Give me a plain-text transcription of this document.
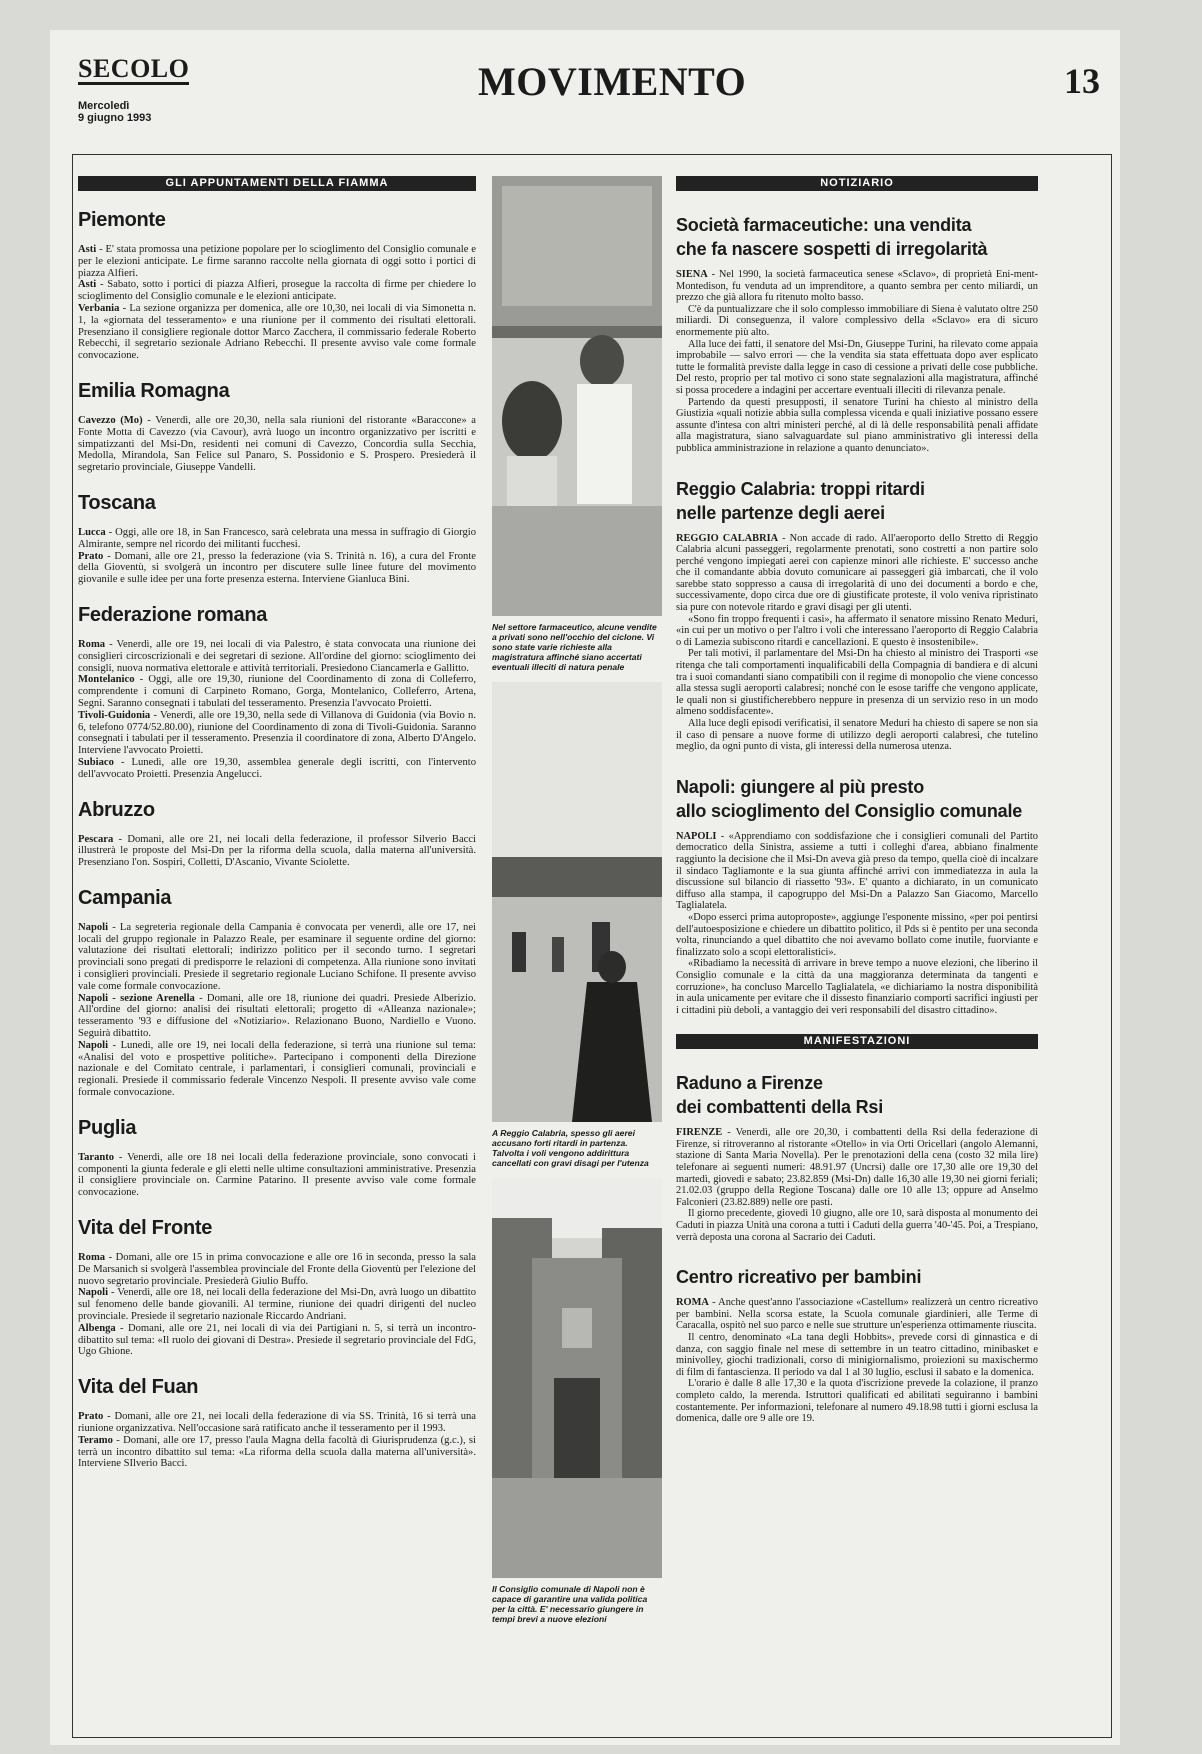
SECOLO
Mercoledì
9 giugno 1993
MOVIMENTO	13
GLI APPUNTAMENTI DELLA FIAMMA
Piemonte

Asti - E' stata promossa una petizione popolare per lo scioglimento del Consiglio comunale e per le elezioni anticipate. Le firme saranno raccolte nella giornata di oggi sotto i portici di piazza Alfieri.

Asti - Sabato, sotto i portici di piazza Alfieri, prosegue la raccolta di firme per chiedere lo scioglimento del Consiglio comunale e le elezioni anticipate.

Verbania - La sezione organizza per domenica, alle ore 10,30, nei locali di via Simonetta n. 1, la «giornata del tesseramento» e una riunione per il commento dei risultati elettorali. Presenziano il consigliere regionale dottor Marco Zacchera, il commissario federale Roberto Rebecchi, il segretario sezionale Adriano Rebecchi. Il presente avviso vale come formale convocazione.

Emilia Romagna

Cavezzo (Mo) - Venerdì, alle ore 20,30, nella sala riunioni del ristorante «Baraccone» a Fonte Motta di Cavezzo (via Cavour), avrà luogo un incontro organizzativo per iscritti e simpatizzanti del Msi-Dn, residenti nei comuni di Cavezzo, Concordia sulla Secchia, Medolla, Mirandola, San Felice sul Panaro, S. Possidonio e S. Prospero. Presiederà il segretario provinciale, Giuseppe Vandelli.

Toscana

Lucca - Oggi, alle ore 18, in San Francesco, sarà celebrata una messa in suffragio di Giorgio Almirante, sempre nel ricordo dei militanti fucchesi.

Prato - Domani, alle ore 21, presso la federazione (via S. Trinità n. 16), a cura del Fronte della Gioventù, si svolgerà un incontro per discutere sulle linee future del movimento giovanile e sulle idee per una forte presenza esterna. Interviene Gianluca Bini.

Federazione romana

Roma - Venerdì, alle ore 19, nei locali di via Palestro, è stata convocata una riunione dei consiglieri circoscrizionali e dei segretari di sezione. All'ordine del giorno: scioglimento dei consigli, nuova normativa elettorale e attività territoriali. Presiedono Ciancamerla e Gallitto.

Montelanico - Oggi, alle ore 19,30, riunione del Coordinamento di zona di Colleferro, comprendente i comuni di Carpineto Romano, Gorga, Montelanico, Colleferro, Artena, Segni. Saranno consegnati i tabulati del tesseramento. Presenzia l'avvocato Proietti.

Tivoli-Guidonia - Venerdì, alle ore 19,30, nella sede di Villanova di Guidonia (via Bovio n. 6, telefono 0774/52.80.00), riunione del Coordinamento di zona di Tivoli-Guidonia. Saranno consegnati i tabulati per il tesseramento. Presenzia il coordinatore di zona, Alberto D'Angelo. Interviene l'avvocato Proietti.

Subiaco - Lunedì, alle ore 19,30, assemblea generale degli iscritti, con l'intervento dell'avvocato Proietti. Presenzia Angelucci.

Abruzzo

Pescara - Domani, alle ore 21, nei locali della federazione, il professor Silverio Bacci illustrerà le proposte del Msi-Dn per la riforma della scuola, dalla materna all'università. Presenziano l'on. Sospiri, Colletti, D'Ascanio, Vivante Sciolette.

Campania

Napoli - La segreteria regionale della Campania è convocata per venerdì, alle ore 17, nei locali del gruppo regionale in Palazzo Reale, per esaminare il seguente ordine del giorno: valutazione dei risultati elettorali; indirizzo politico per il secondo turno. I segretari provinciali sono pregati di predisporre le relazioni di competenza. Alla riunione sono invitati i consiglieri provinciali. Presiede il segretario regionale Luciano Schifone. Il presente avviso vale come formale convocazione.

Napoli - sezione Arenella - Domani, alle ore 18, riunione dei quadri. Presiede Alberizio. All'ordine del giorno: analisi dei risultati elettorali; progetto di «Alleanza nazionale»; tesseramento '93 e diffusione del «Notiziario». Relazionano Buono, Nardiello e Vuono. Seguirà dibattito.

Napoli - Lunedì, alle ore 19, nei locali della federazione, si terrà una riunione sul tema: «Analisi del voto e prospettive politiche». Partecipano i componenti della Direzione nazionale e del Comitato centrale, i parlamentari, i consiglieri comunali, provinciali e regionali. Presiede il commissario federale Vincenzo Nespoli. Il presente avviso vale come formale convocazione.

Puglia

Taranto - Venerdì, alle ore 18 nei locali della federazione provinciale, sono convocati i componenti la giunta federale e gli eletti nelle ultime consultazioni amministrative. Presenzia il consigliere provinciale on. Carmine Patarino. Il presente avviso vale come formale convocazione.

Vita del Fronte

Roma - Domani, alle ore 15 in prima convocazione e alle ore 16 in seconda, presso la sala De Marsanich si svolgerà l'assemblea provinciale del Fronte della Gioventù per l'elezione del nuovo segretario provinciale. Presiederà Giulio Buffo.

Napoli - Venerdì, alle ore 18, nei locali della federazione del Msi-Dn, avrà luogo un dibattito sul fenomeno delle bande giovanili. Al termine, riunione dei quadri dirigenti del nucleo provinciale. Presiede il segretario nazionale Riccardo Andriani.

Albenga - Domani, alle ore 21, nei locali di via dei Partigiani n. 5, si terrà un incontro-dibattito sul tema: «Il ruolo dei giovani di Destra». Presiede il segretario provinciale del FdG, Ugo Ghione.

Vita del Fuan

Prato - Domani, alle ore 21, nei locali della federazione di via SS. Trinità, 16 si terrà una riunione organizzativa. Nell'occasione sarà ratificato anche il tesseramento per il 1993.

Teramo - Domani, alle ore 17, presso l'aula Magna della facoltà di Giurisprudenza (g.c.), si terrà un incontro dibattito sul tema: «La riforma della scuola dalla materna all'università». Interviene SIlverio Bacci.

Nel settore farmaceutico, alcune vendite a privati sono nell'occhio del ciclone. Vi sono state varie richieste alla magistratura affinché siano accertati eventuali illeciti di natura penale
A Reggio Calabria, spesso gli aerei accusano forti ritardi in partenza. Talvolta i voli vengono addirittura cancellati con gravi disagi per l'utenza
Il Consiglio comunale di Napoli non è capace di garantire una valida politica per la città. E' necessario giungere in tempi brevi a nuove elezioni
NOTIZIARIO
Società farmaceutiche: una vendita
che fa nascere sospetti di irregolarità

SIENA - Nel 1990, la società farmaceutica senese «Sclavo», di proprietà Eni-ment-Montedison, fu venduta ad un imprenditore, a quanto sembra per cento miliardi, un prezzo che già allora fu ritenuto molto basso.

C'è da puntualizzare che il solo complesso immobiliare di Siena è valutato oltre 250 miliardi. Di conseguenza, il valore complessivo della «Sclavo» era di sicuro enormemente più alto.

Alla luce dei fatti, il senatore del Msi-Dn, Giuseppe Turini, ha rilevato come appaia improbabile — salvo errori — che la vendita sia stata effettuata dopo aver esplicato tutte le formalità previste dalla legge in caso di cessione a privati delle cose pubbliche. Del resto, proprio per tal motivo ci sono state segnalazioni alla magistratura, affinché si possa procedere a indagini per accertare eventuali illeciti di rilevanza penale.

Partendo da questi presupposti, il senatore Turini ha chiesto al ministro della Giustizia «quali notizie abbia sulla complessa vicenda e quali iniziative possano essere assunte d'intesa con altri ministeri perché, al di là delle responsabilità penali affidate alla magistratura, siano salvaguardate sul piano amministrativo gli interessi della pubblica amministrazione in relazione a quanto denunciato».

Reggio Calabria: troppi ritardi
nelle partenze degli aerei

REGGIO CALABRIA - Non accade di rado. All'aeroporto dello Stretto di Reggio Calabria alcuni passeggeri, regolarmente prenotati, sono costretti a non partire solo perché vengono impiegati aerei con capienze minori alle richieste. E' successo anche che il comandante abbia dovuto comunicare ai passeggeri già imbarcati, che il volo sarebbe stato soppresso a causa di irregolarità di uno dei documenti a bordo e che, successivamente, dopo circa due ore di giustificate proteste, il volo veniva ripristinato sia pure con notevole ritardo e gravi disagi per gli utenti.

«Sono fin troppo frequenti i casi», ha affermato il senatore missino Renato Meduri, «in cui per un motivo o per l'altro i voli che interessano l'aeroporto di Reggio Calabria o di Lamezia subiscono ritardi e cancellazioni. E questo è insostenibile».

Per tali motivi, il parlamentare del Msi-Dn ha chiesto al ministro dei Trasporti «se ritenga che tali comportamenti inqualificabili della Compagnia di bandiera e di alcuni tra i suoi comandanti siano compatibili con il regime di monopolio che viene concesso alla stessa sugli aeroporti calabresi; nonché con le esose tariffe che vengono applicate, le quali non si giustificherebbero neppure in presenza di un servizio reso in un modo almeno soddisfacente».

Alla luce degli episodi verificatisi, il senatore Meduri ha chiesto di sapere se non sia il caso di pensare a nuove forme di utilizzo degli aeroporti calabresi, che tutelino meglio, da ogni punto di vista, gli interessi della numerosa utenza.

Napoli: giungere al più presto
allo scioglimento del Consiglio comunale

NAPOLI - «Apprendiamo con soddisfazione che i consiglieri comunali del Partito democratico della Sinistra, assieme a tutti i colleghi d'area, abbiano finalmente raggiunto la decisione che il Msi-Dn aveva già preso da tempo, quella cioè di incalzare il sindaco Tagliamonte e la sua giunta affinché arrivi con immediatezza in aula la discussione sul bilancio di riassetto '93». E' quanto a dichiarato, in un comunicato diffuso alla stampa, il capogruppo del Msi-Dn a Palazzo San Giacomo, Marcello Taglialatela.

«Dopo esserci prima autoproposte», aggiunge l'esponente missino, «per poi pentirsi dell'autoesposizione e chiedere un dibattito politico, il Pds si è pentito per una seconda volta, rinunciando a quel dibattito che noi avevamo bollato come inutile, fuorviante e finalizzato solo a scopi elettoralistici».

«Ribadiamo la necessità di arrivare in breve tempo a nuove elezioni, che liberino il Consiglio comunale e la città da una maggioranza determinata da tangenti e corruzione», ha concluso Marcello Taglialatela, «e dichiariamo la nostra disponibilità in aula unicamente per evitare che il dissesto finanziario comporti sacrifici ingiusti per i cittadini più deboli, a vantaggio dei veri responsabili del disastro cittadino».

MANIFESTAZIONI
Raduno a Firenze
dei combattenti della Rsi

FIRENZE - Venerdì, alle ore 20,30, i combattenti della Rsi della federazione di Firenze, si ritroveranno al ristorante «Otello» in via Orti Oricellari (angolo Alemanni, stazione di Santa Maria Novella). Per le prenotazioni della cena (costo 32 mila lire) telefonare ai seguenti numeri: 48.91.97 (Uncrsi) dalle ore 17,30 alle ore 19,30 del martedì, giovedì e sabato; 23.82.859 (Msi-Dn) dalle 16,30 alle 19,30 nei giorni feriali; 21.02.03 (gruppo della Regione Toscana) dalle ore 10 alle 13; oppure ad Anselmo Falconieri (23.82.889) nelle ore pasti.

Il giorno precedente, giovedì 10 giugno, alle ore 10, sarà disposta al monumento dei Caduti in piazza Unità una corona a tutti i Caduti della guerra '40-'45. Poi, a Trespiano, verrà deposta una corona al Sacrario dei Caduti.

Centro ricreativo per bambini

ROMA - Anche quest'anno l'associazione «Castellum» realizzerà un centro ricreativo per bambini. Nella scorsa estate, la Scuola comunale giardinieri, alle Terme di Caracalla, ospitò nel suo parco e nelle sue strutture un'esperienza ottimamente riuscita.

Il centro, denominato «La tana degli Hobbits», prevede corsi di ginnastica e di danza, con saggio finale nel mese di settembre in un teatro cittadino, minibasket e minivolley, giochi tradizionali, corso di minigiornalismo, proiezioni su maxischermo di film di fantascienza. Il periodo va dal 1 al 30 luglio, esclusi il sabato e la domenica.

L'orario è dalle 8 alle 17,30 e la quota d'iscrizione prevede la colazione, il pranzo completo caldo, la merenda. Istruttori qualificati ed abilitati seguiranno i bambini costantemente. Per informazioni, telefonare al numero 49.18.98 tutti i giorni esclusa la domenica, dalle ore 9 alle ore 19.
